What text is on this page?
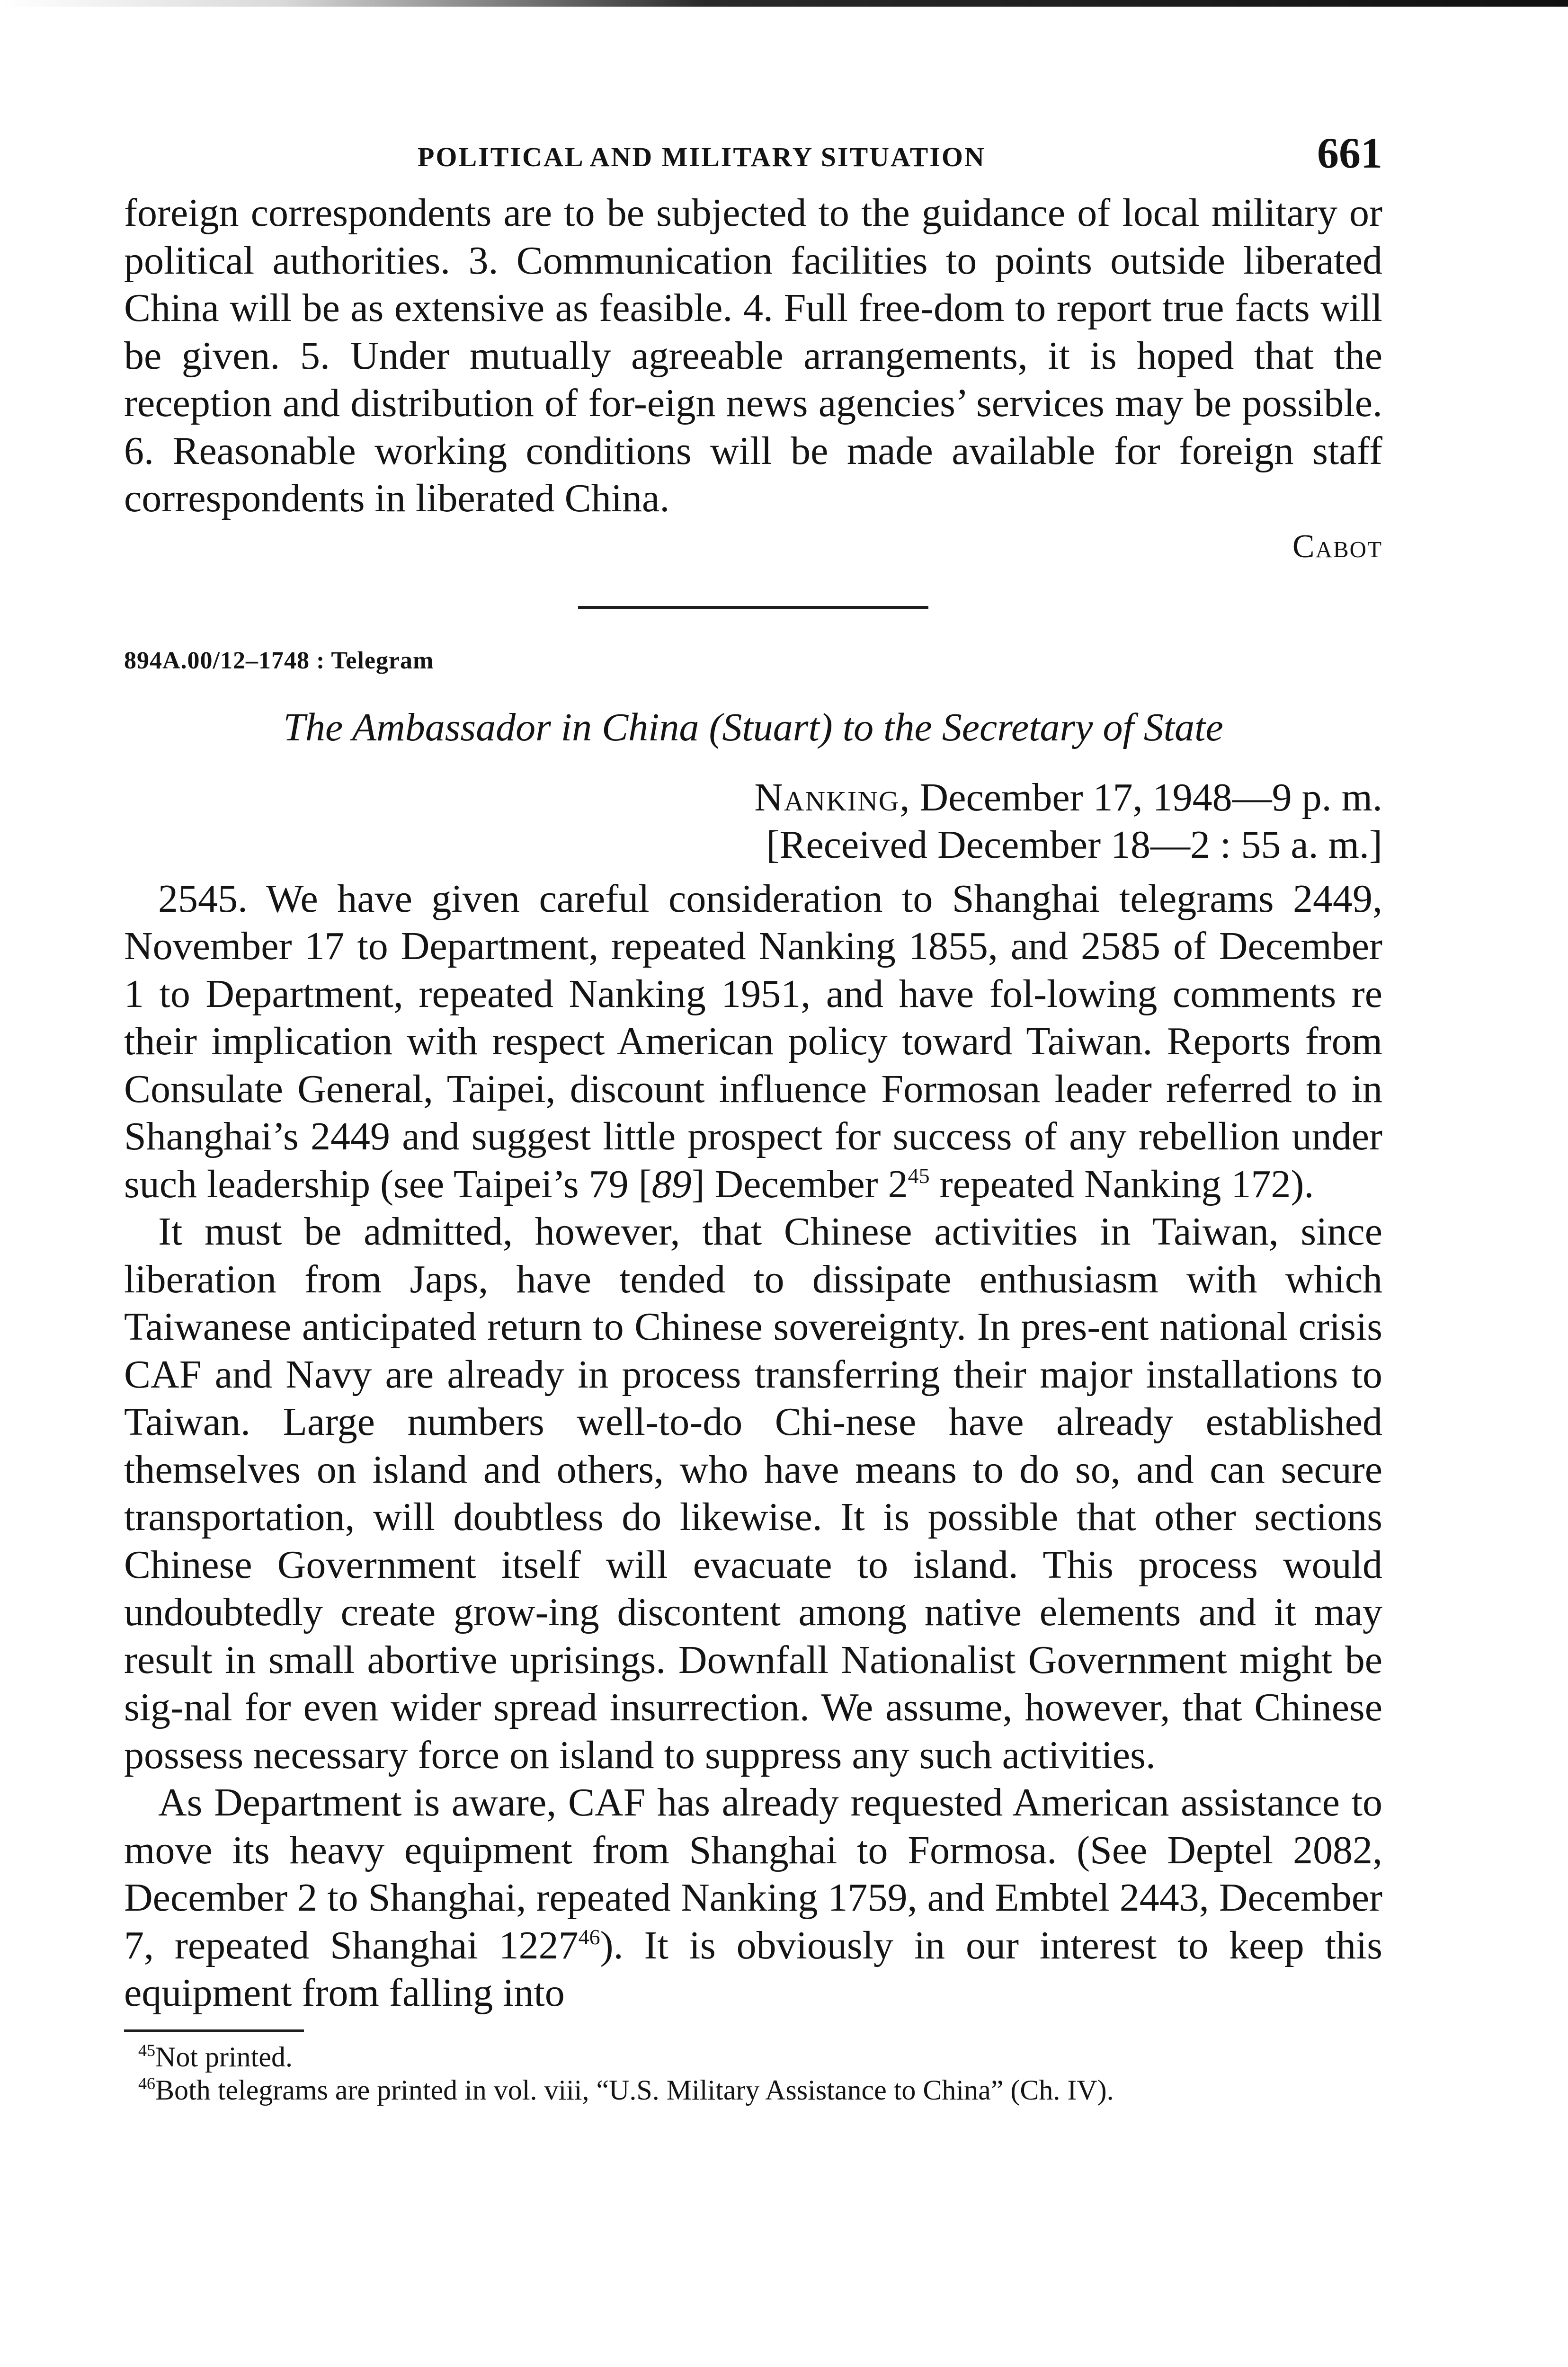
POLITICAL AND MILITARY SITUATION	661

foreign correspondents are to be subjected to the guidance of local military or political authorities. 3. Communication facilities to points outside liberated China will be as extensive as feasible. 4. Full free-dom to report true facts will be given. 5. Under mutually agreeable arrangements, it is hoped that the reception and distribution of for-eign news agencies’ services may be possible. 6. Reasonable working conditions will be made available for foreign staff correspondents in liberated China.

Cabot
894A.00/12–1748 : Telegram
The Ambassador in China (Stuart) to the Secretary of State
Nanking, December 17, 1948—9 p. m.
[Received December 18—2 : 55 a. m.]

2545. We have given careful consideration to Shanghai telegrams 2449, November 17 to Department, repeated Nanking 1855, and 2585 of December 1 to Department, repeated Nanking 1951, and have fol-lowing comments re their implication with respect American policy toward Taiwan. Reports from Consulate General, Taipei, discount influence Formosan leader referred to in Shanghai’s 2449 and suggest little prospect for success of any rebellion under such leadership (see Taipei’s 79 [89] December $2^{45}$ repeated Nanking 172).

It must be admitted, however, that Chinese activities in Taiwan, since liberation from Japs, have tended to dissipate enthusiasm with which Taiwanese anticipated return to Chinese sovereignty. In pres-ent national crisis CAF and Navy are already in process transferring their major installations to Taiwan. Large numbers well-to-do Chi-nese have already established themselves on island and others, who have means to do so, and can secure transportation, will doubtless do likewise. It is possible that other sections Chinese Government itself will evacuate to island. This process would undoubtedly create grow-ing discontent among native elements and it may result in small abortive uprisings. Downfall Nationalist Government might be sig-nal for even wider spread insurrection. We assume, however, that Chinese possess necessary force on island to suppress any such activities.

As Department is aware, CAF has already requested American assistance to move its heavy equipment from Shanghai to Formosa. (See Deptel 2082, December 2 to Shanghai, repeated Nanking 1759, and Embtel 2443, December 7, repeated Shanghai 1227$^{46}$). It is obviously in our interest to keep this equipment from falling into

$^{45}$Not printed.
$^{46}$Both telegrams are printed in vol. viii, “U.S. Military Assistance to China” (Ch. IV).
